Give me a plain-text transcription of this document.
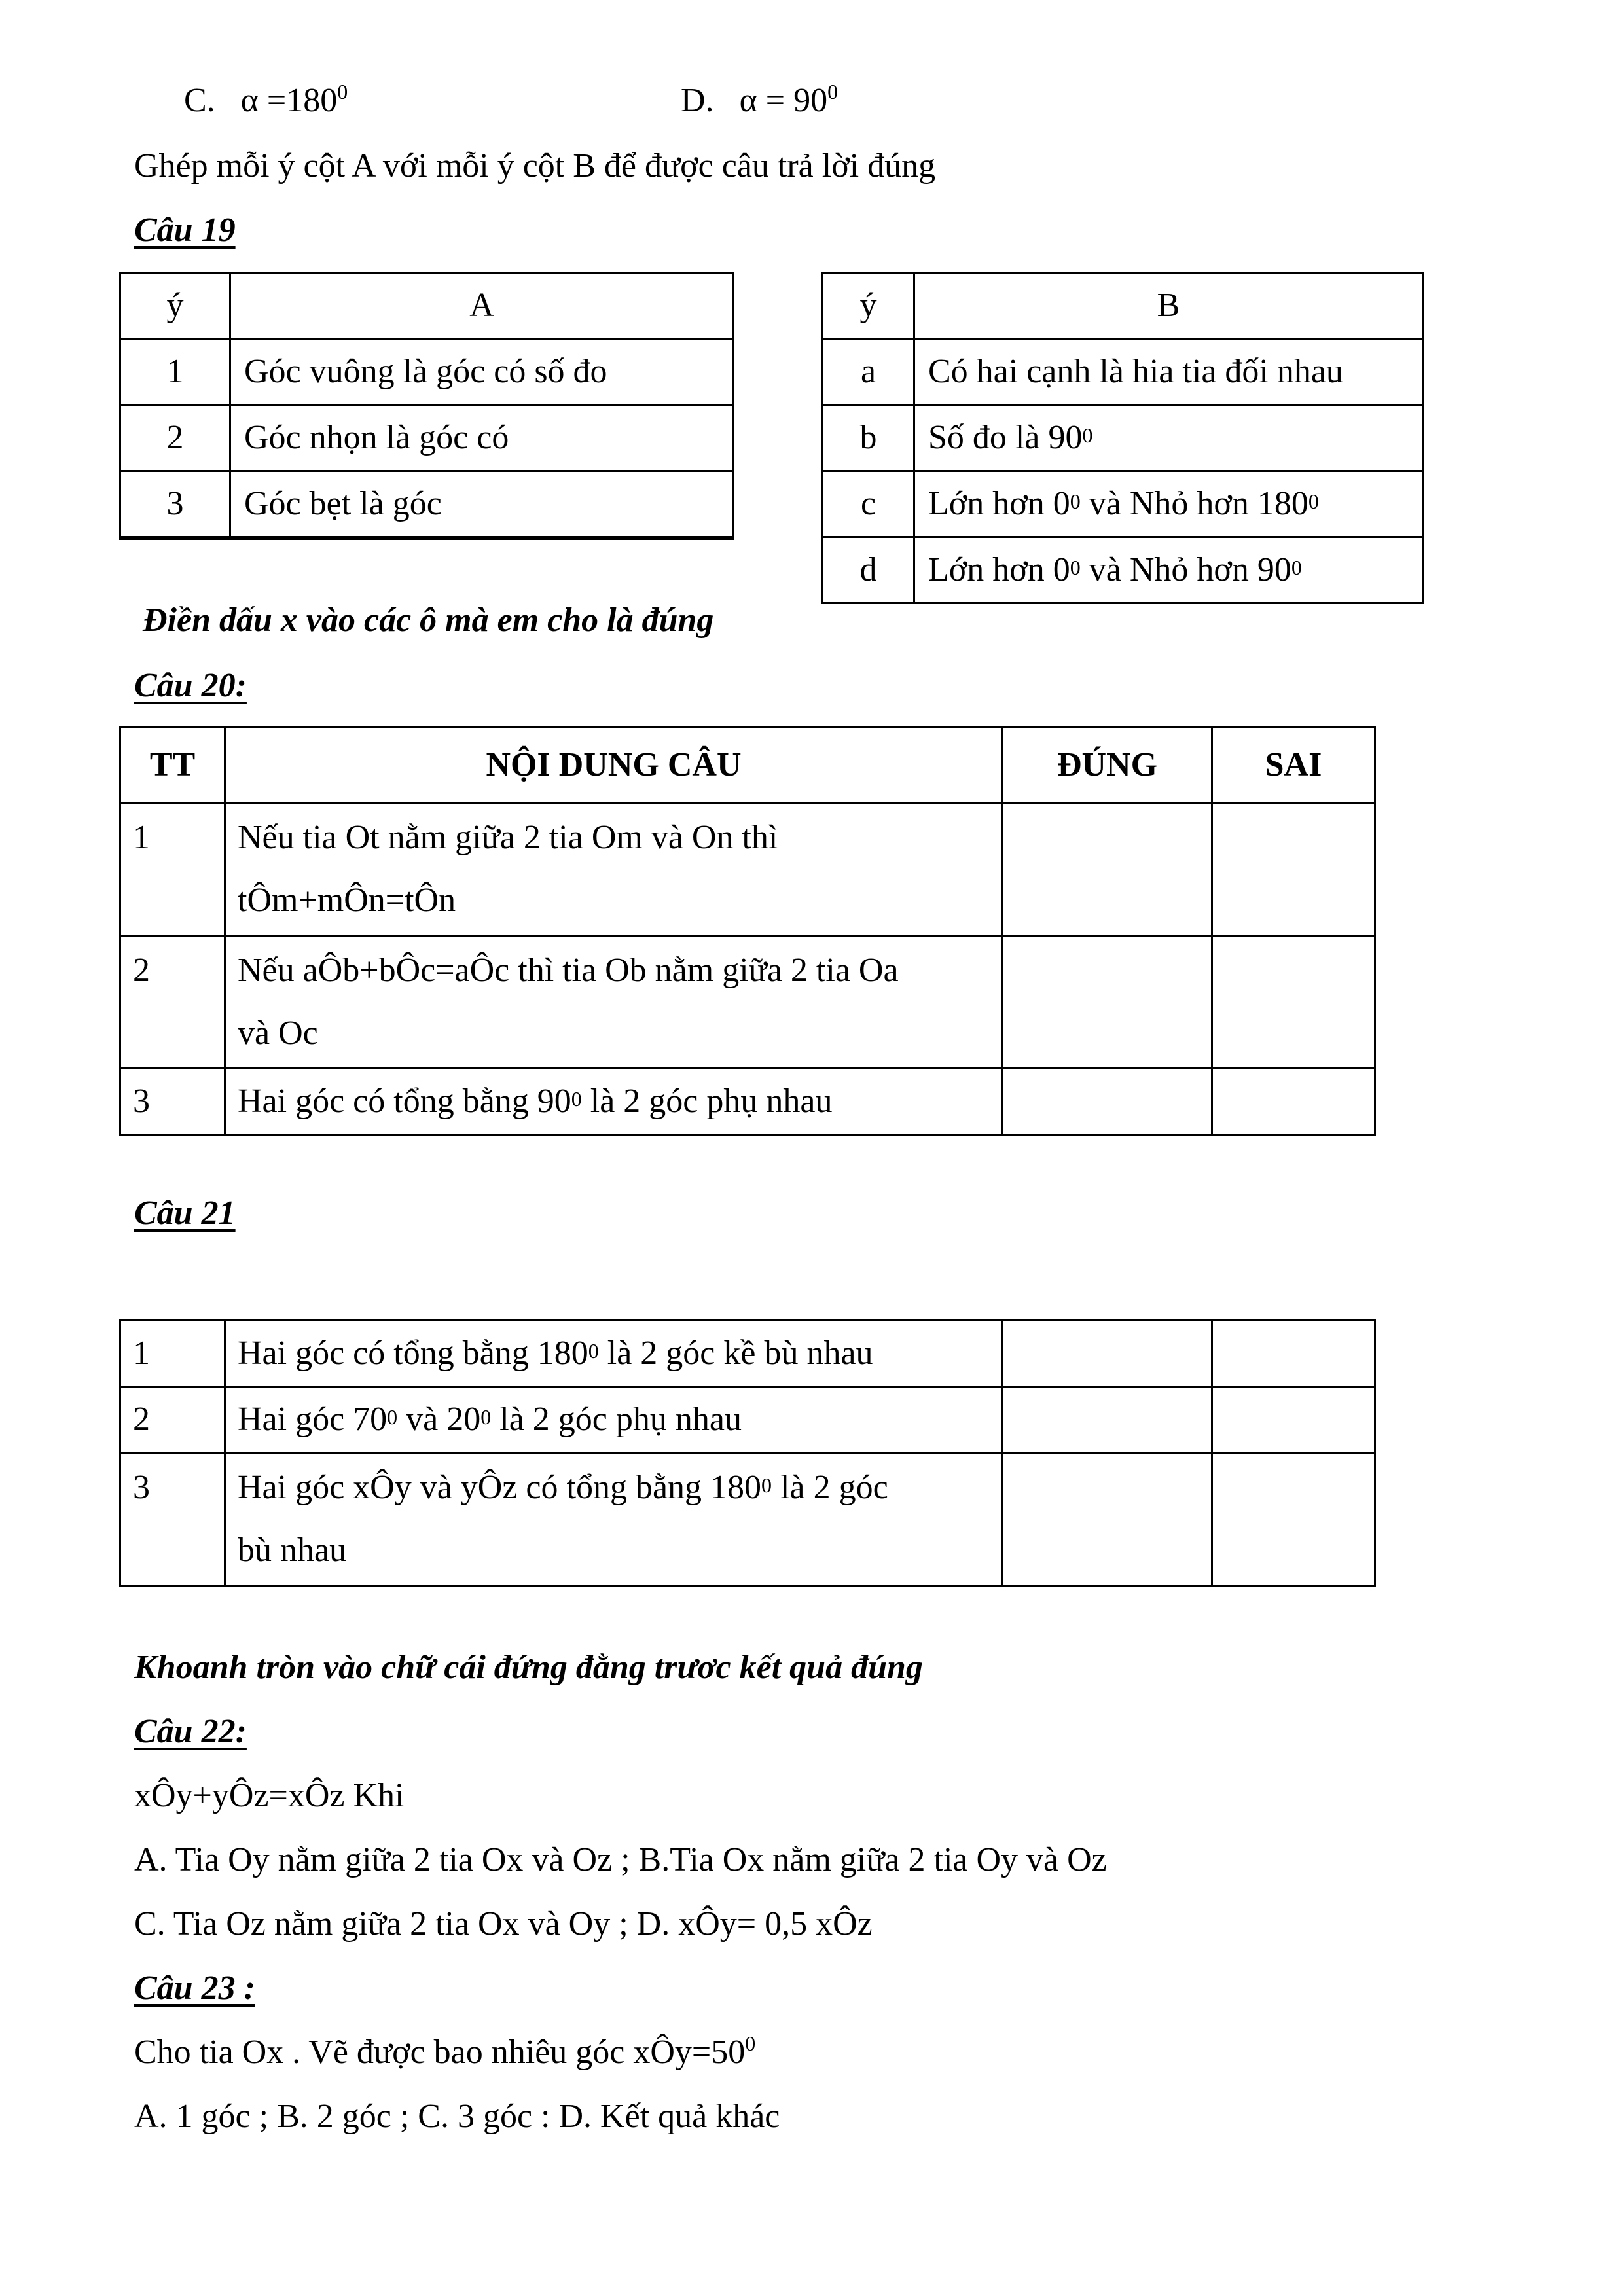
C. $\alpha =180^0$	D. $\alpha = 90^0$
Ghép mỗi ý cột A với mỗi ý cột B để được câu trả lời đúng
Câu 19
ý	A
1	Góc vuông là góc có số đo
2	Góc nhọn là góc có
3	Góc bẹt là góc

ý	B
a	Có hai cạnh là hia tia đối nhau
b	Số đo là $90^0$
c	Lớn hơn $0^0$ và Nhỏ hơn $180^0$
d	Lớn hơn $0^0$ và Nhỏ hơn $90^0$
Điền dấu x vào các ô mà em cho là đúng
Câu 20:
TT	NỘI DUNG CÂU	ĐÚNG	SAI
1	Nếu tia Ot nằm giữa 2 tia Om và On thì
tÔm+mÔn=tÔn		
2	Nếu aÔb+bÔc=aÔc thì tia Ob nằm giữa 2 tia Oa
và Oc		
3	Hai góc có tổng bằng $90^0$ là 2 góc phụ nhau		
Câu 21
1	Hai góc có tổng bằng $180^0$ là 2 góc kề bù nhau		
2	Hai góc $70^0$ và $20^0$ là 2 góc phụ nhau		
3	Hai góc xÔy và yÔz có tổng bằng $180^0$ là 2 góc
bù nhau		
Khoanh tròn vào chữ cái đứng đằng trươc kết quả đúng
Câu 22:
xÔy+yÔz=xÔz Khi
A. Tia Oy nằm giữa 2 tia Ox và Oz ; B.Tia Ox nằm giữa 2 tia Oy và Oz
C. Tia Oz nằm giữa 2 tia Ox và Oy ; D. xÔy= 0,5 xÔz
Câu 23 :
Cho tia Ox . Vẽ được bao nhiêu góc $xÔy=50^0$
A. 1 góc ; B. 2 góc ; C. 3 góc : D. Kết quả khác
